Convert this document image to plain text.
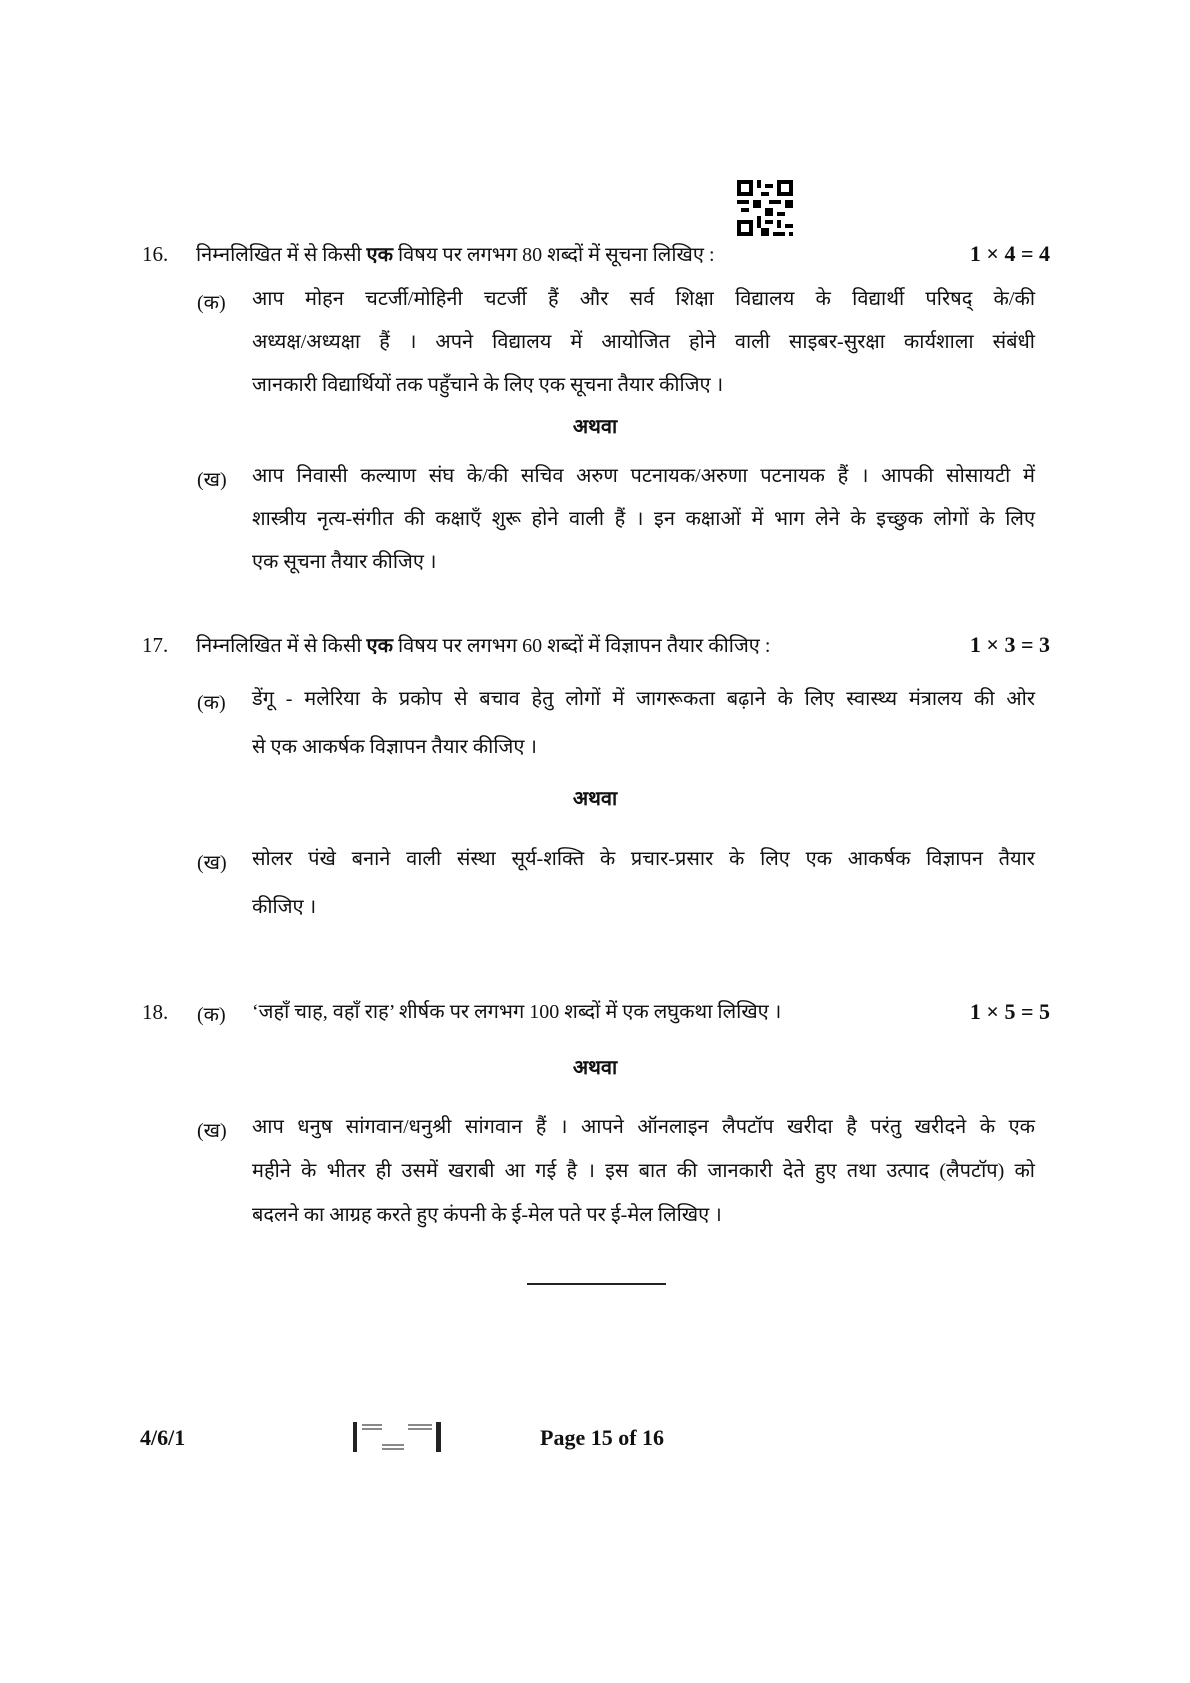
16. निम्नलिखित में से किसी एक विषय पर लगभग 80 शब्दों में सूचना लिखिए :	1 × 4 = 4
(क) आप मोहन चटर्जी/मोहिनी चटर्जी हैं और सर्व शिक्षा विद्यालय के विद्यार्थी परिषद् के/की
अध्यक्ष/अध्यक्षा हैं । अपने विद्यालय में आयोजित होने वाली साइबर-सुरक्षा कार्यशाला संबंधी
जानकारी विद्यार्थियों तक पहुँचाने के लिए एक सूचना तैयार कीजिए ।
अथवा
(ख) आप निवासी कल्याण संघ के/की सचिव अरुण पटनायक/अरुणा पटनायक हैं । आपकी सोसायटी में
शास्त्रीय नृत्य-संगीत की कक्षाएँ शुरू होने वाली हैं । इन कक्षाओं में भाग लेने के इच्छुक लोगों के लिए
एक सूचना तैयार कीजिए ।
17. निम्नलिखित में से किसी एक विषय पर लगभग 60 शब्दों में विज्ञापन तैयार कीजिए :	1 × 3 = 3
(क) डेंगू - मलेरिया के प्रकोप से बचाव हेतु लोगों में जागरूकता बढ़ाने के लिए स्वास्थ्य मंत्रालय की ओर
से एक आकर्षक विज्ञापन तैयार कीजिए ।
अथवा
(ख) सोलर पंखे बनाने वाली संस्था सूर्य-शक्ति के प्रचार-प्रसार के लिए एक आकर्षक विज्ञापन तैयार
कीजिए ।
18. (क) ‘जहाँ चाह, वहाँ राह’ शीर्षक पर लगभग 100 शब्दों में एक लघुकथा लिखिए ।	1 × 5 = 5
अथवा
(ख) आप धनुष सांगवान/धनुश्री सांगवान हैं । आपने ऑनलाइन लैपटॉप खरीदा है परंतु खरीदने के एक
महीने के भीतर ही उसमें खराबी आ गई है । इस बात की जानकारी देते हुए तथा उत्पाद (लैपटॉप) को
बदलने का आग्रह करते हुए कंपनी के ई-मेल पते पर ई-मेल लिखिए ।
4/6/1	Page 15 of 16
